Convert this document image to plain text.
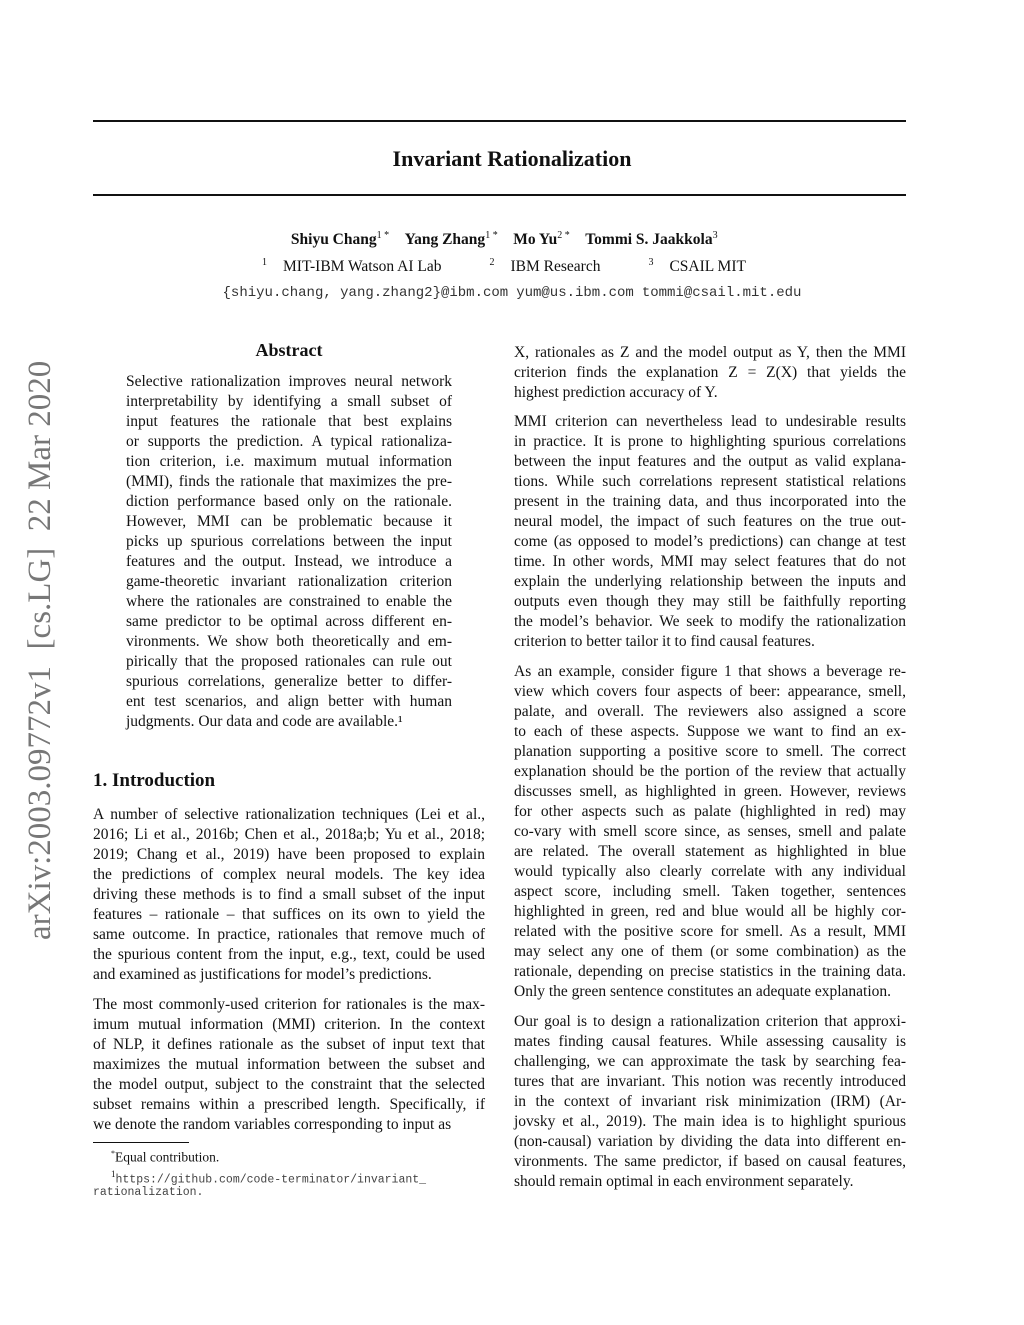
arXiv:2003.09772v1  [cs.LG]  22 Mar 2020
Invariant Rationalization
Shiyu Chang$^{1 *}$  Yang Zhang$^{1 *}$  Mo $Yu^{2 *}$  Tommi S. Jaakkola$^3$ 
$^1$ MIT-IBM Watson AI Lab	$^2$ IBM Research	$^3$ CSAIL MIT
{shiyu.chang, yang.zhang2}@ibm.com yum@us.ibm.com tommi@csail.mit.edu
Abstract
Selective rationalization improves neural network
interpretability by identifying a small subset of
input features the rationale that best explains
or supports the prediction. A typical rationaliza-
tion criterion, i.e. maximum mutual information
(MMI), finds the rationale that maximizes the pre-
diction performance based only on the rationale.
However, MMI can be problematic because it
picks up spurious correlations between the input
features and the output. Instead, we introduce a
game-theoretic invariant rationalization criterion
where the rationales are constrained to enable the
same predictor to be optimal across different en-
vironments. We show both theoretically and em-
pirically that the proposed rationales can rule out
spurious correlations, generalize better to differ-
ent test scenarios, and align better with human
judgments. Our data and code are available.¹
1. Introduction
A number of selective rationalization techniques (Lei et al.,
2016; Li et al., 2016b; Chen et al., 2018a;b; Yu et al., 2018;
2019; Chang et al., 2019) have been proposed to explain
the predictions of complex neural models. The key idea
driving these methods is to find a small subset of the input
features – rationale – that suffices on its own to yield the
same outcome. In practice, rationales that remove much of
the spurious content from the input, e.g., text, could be used
and examined as justifications for model’s predictions.
The most commonly-used criterion for rationales is the max-
imum mutual information (MMI) criterion. In the context
of NLP, it defines rationale as the subset of input text that
maximizes the mutual information between the subset and
the model output, subject to the constraint that the selected
subset remains within a prescribed length. Specifically, if
we denote the random variables corresponding to input as
X, rationales as Z and the model output as Y, then the MMI
criterion finds the explanation Z = Z(X) that yields the
highest prediction accuracy of Y.
MMI criterion can nevertheless lead to undesirable results
in practice. It is prone to highlighting spurious correlations
between the input features and the output as valid explana-
tions. While such correlations represent statistical relations
present in the training data, and thus incorporated into the
neural model, the impact of such features on the true out-
come (as opposed to model’s predictions) can change at test
time. In other words, MMI may select features that do not
explain the underlying relationship between the inputs and
outputs even though they may still be faithfully reporting
the model’s behavior. We seek to modify the rationalization
criterion to better tailor it to find causal features.
As an example, consider figure 1 that shows a beverage re-
view which covers four aspects of beer: appearance, smell,
palate, and overall. The reviewers also assigned a score
to each of these aspects. Suppose we want to find an ex-
planation supporting a positive score to smell. The correct
explanation should be the portion of the review that actually
discusses smell, as highlighted in green. However, reviews
for other aspects such as palate (highlighted in red) may
co-vary with smell score since, as senses, smell and palate
are related. The overall statement as highlighted in blue
would typically also clearly correlate with any individual
aspect score, including smell. Taken together, sentences
highlighted in green, red and blue would all be highly cor-
related with the positive score for smell. As a result, MMI
may select any one of them (or some combination) as the
rationale, depending on precise statistics in the training data.
Only the green sentence constitutes an adequate explanation.
Our goal is to design a rationalization criterion that approxi-
mates finding causal features. While assessing causality is
challenging, we can approximate the task by searching fea-
tures that are invariant. This notion was recently introduced
in the context of invariant risk minimization (IRM) (Ar-
jovsky et al., 2019). The main idea is to highlight spurious
(non-causal) variation by dividing the data into different en-
vironments. The same predictor, if based on causal features,
should remain optimal in each environment separately.
*Equal contribution.
$^1$https://github.com/code-terminator/invariant_
rationalization.
